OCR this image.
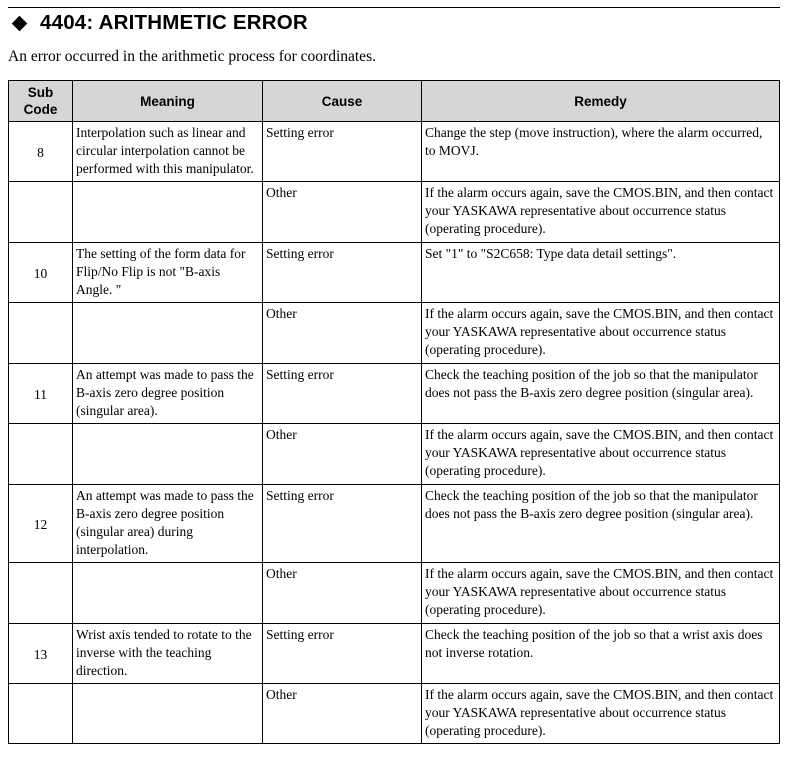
4404: ARITHMETIC ERROR
An error occurred in the arithmetic process for coordinates.
Sub Code	Meaning	Cause	Remedy
8	Interpolation such as linear and circular interpolation cannot be performed with this manipulator.	Setting error	Change the step (move instruction), where the alarm occurred, to MOVJ.
		Other	If the alarm occurs again, save the CMOS.BIN, and then contact your YASKAWA representative about occurrence status (operating procedure).
10	The setting of the form data for Flip/No Flip is not "B-axis Angle. "	Setting error	Set "1" to "S2C658: Type data detail settings".
		Other	If the alarm occurs again, save the CMOS.BIN, and then contact your YASKAWA representative about occurrence status (operating procedure).
11	An attempt was made to pass the B-axis zero degree position (singular area).	Setting error	Check the teaching position of the job so that the manipulator does not pass the B-axis zero degree position (singular area).
		Other	If the alarm occurs again, save the CMOS.BIN, and then contact your YASKAWA representative about occurrence status (operating procedure).
12	An attempt was made to pass the B-axis zero degree position (singular area) during interpolation.	Setting error	Check the teaching position of the job so that the manipulator does not pass the B-axis zero degree position (singular area).
		Other	If the alarm occurs again, save the CMOS.BIN, and then contact your YASKAWA representative about occurrence status (operating procedure).
13	Wrist axis tended to rotate to the inverse with the teaching direction.	Setting error	Check the teaching position of the job so that a wrist axis does not inverse rotation.
		Other	If the alarm occurs again, save the CMOS.BIN, and then contact your YASKAWA representative about occurrence status (operating procedure).
